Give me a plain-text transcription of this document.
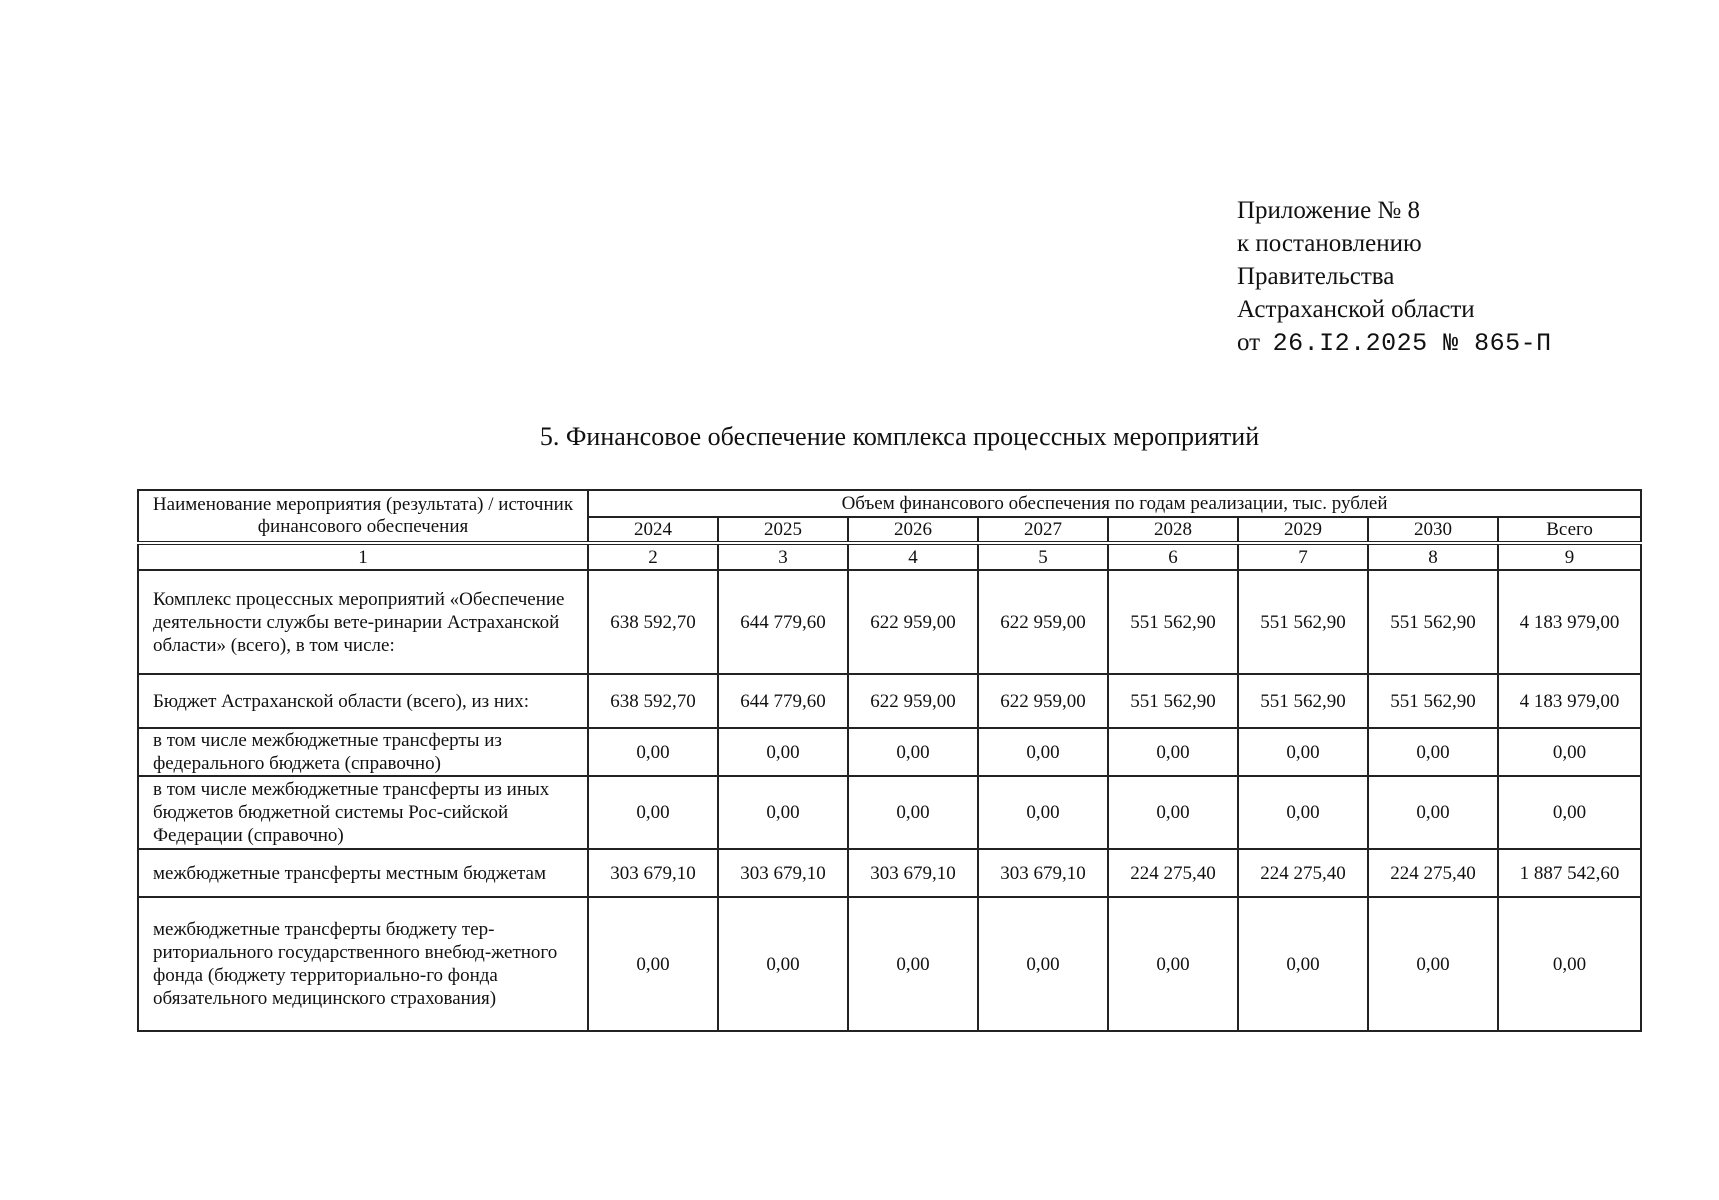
Приложение № 8
к постановлению
Правительства
Астраханской области
от 26.I2.2025 № 865-П
5. Финансовое обеспечение комплекса процессных мероприятий
Наименование мероприятия (результата) / источник финансового обеспечения	Объем финансового обеспечения по годам реализации, тыс. рублей							
	2024	2025	2026	2027	2028	2029	2030	Всего
1	2	3	4	5	6	7	8	9
Комплекс процессных мероприятий «Обеспечение деятельности службы вете-ринарии Астраханской области» (всего), в том числе:	638 592,70	644 779,60	622 959,00	622 959,00	551 562,90	551 562,90	551 562,90	4 183 979,00
Бюджет Астраханской области (всего), из них:	638 592,70	644 779,60	622 959,00	622 959,00	551 562,90	551 562,90	551 562,90	4 183 979,00
в том числе межбюджетные трансферты из федерального бюджета (справочно)	0,00	0,00	0,00	0,00	0,00	0,00	0,00	0,00
в том числе межбюджетные трансферты из иных бюджетов бюджетной системы Рос-сийской Федерации (справочно)	0,00	0,00	0,00	0,00	0,00	0,00	0,00	0,00
межбюджетные трансферты местным бюджетам	303 679,10	303 679,10	303 679,10	303 679,10	224 275,40	224 275,40	224 275,40	1 887 542,60
межбюджетные трансферты бюджету тер-риториального государственного внебюд-жетного фонда (бюджету территориально-го фонда обязательного медицинского страхования)	0,00	0,00	0,00	0,00	0,00	0,00	0,00	0,00
